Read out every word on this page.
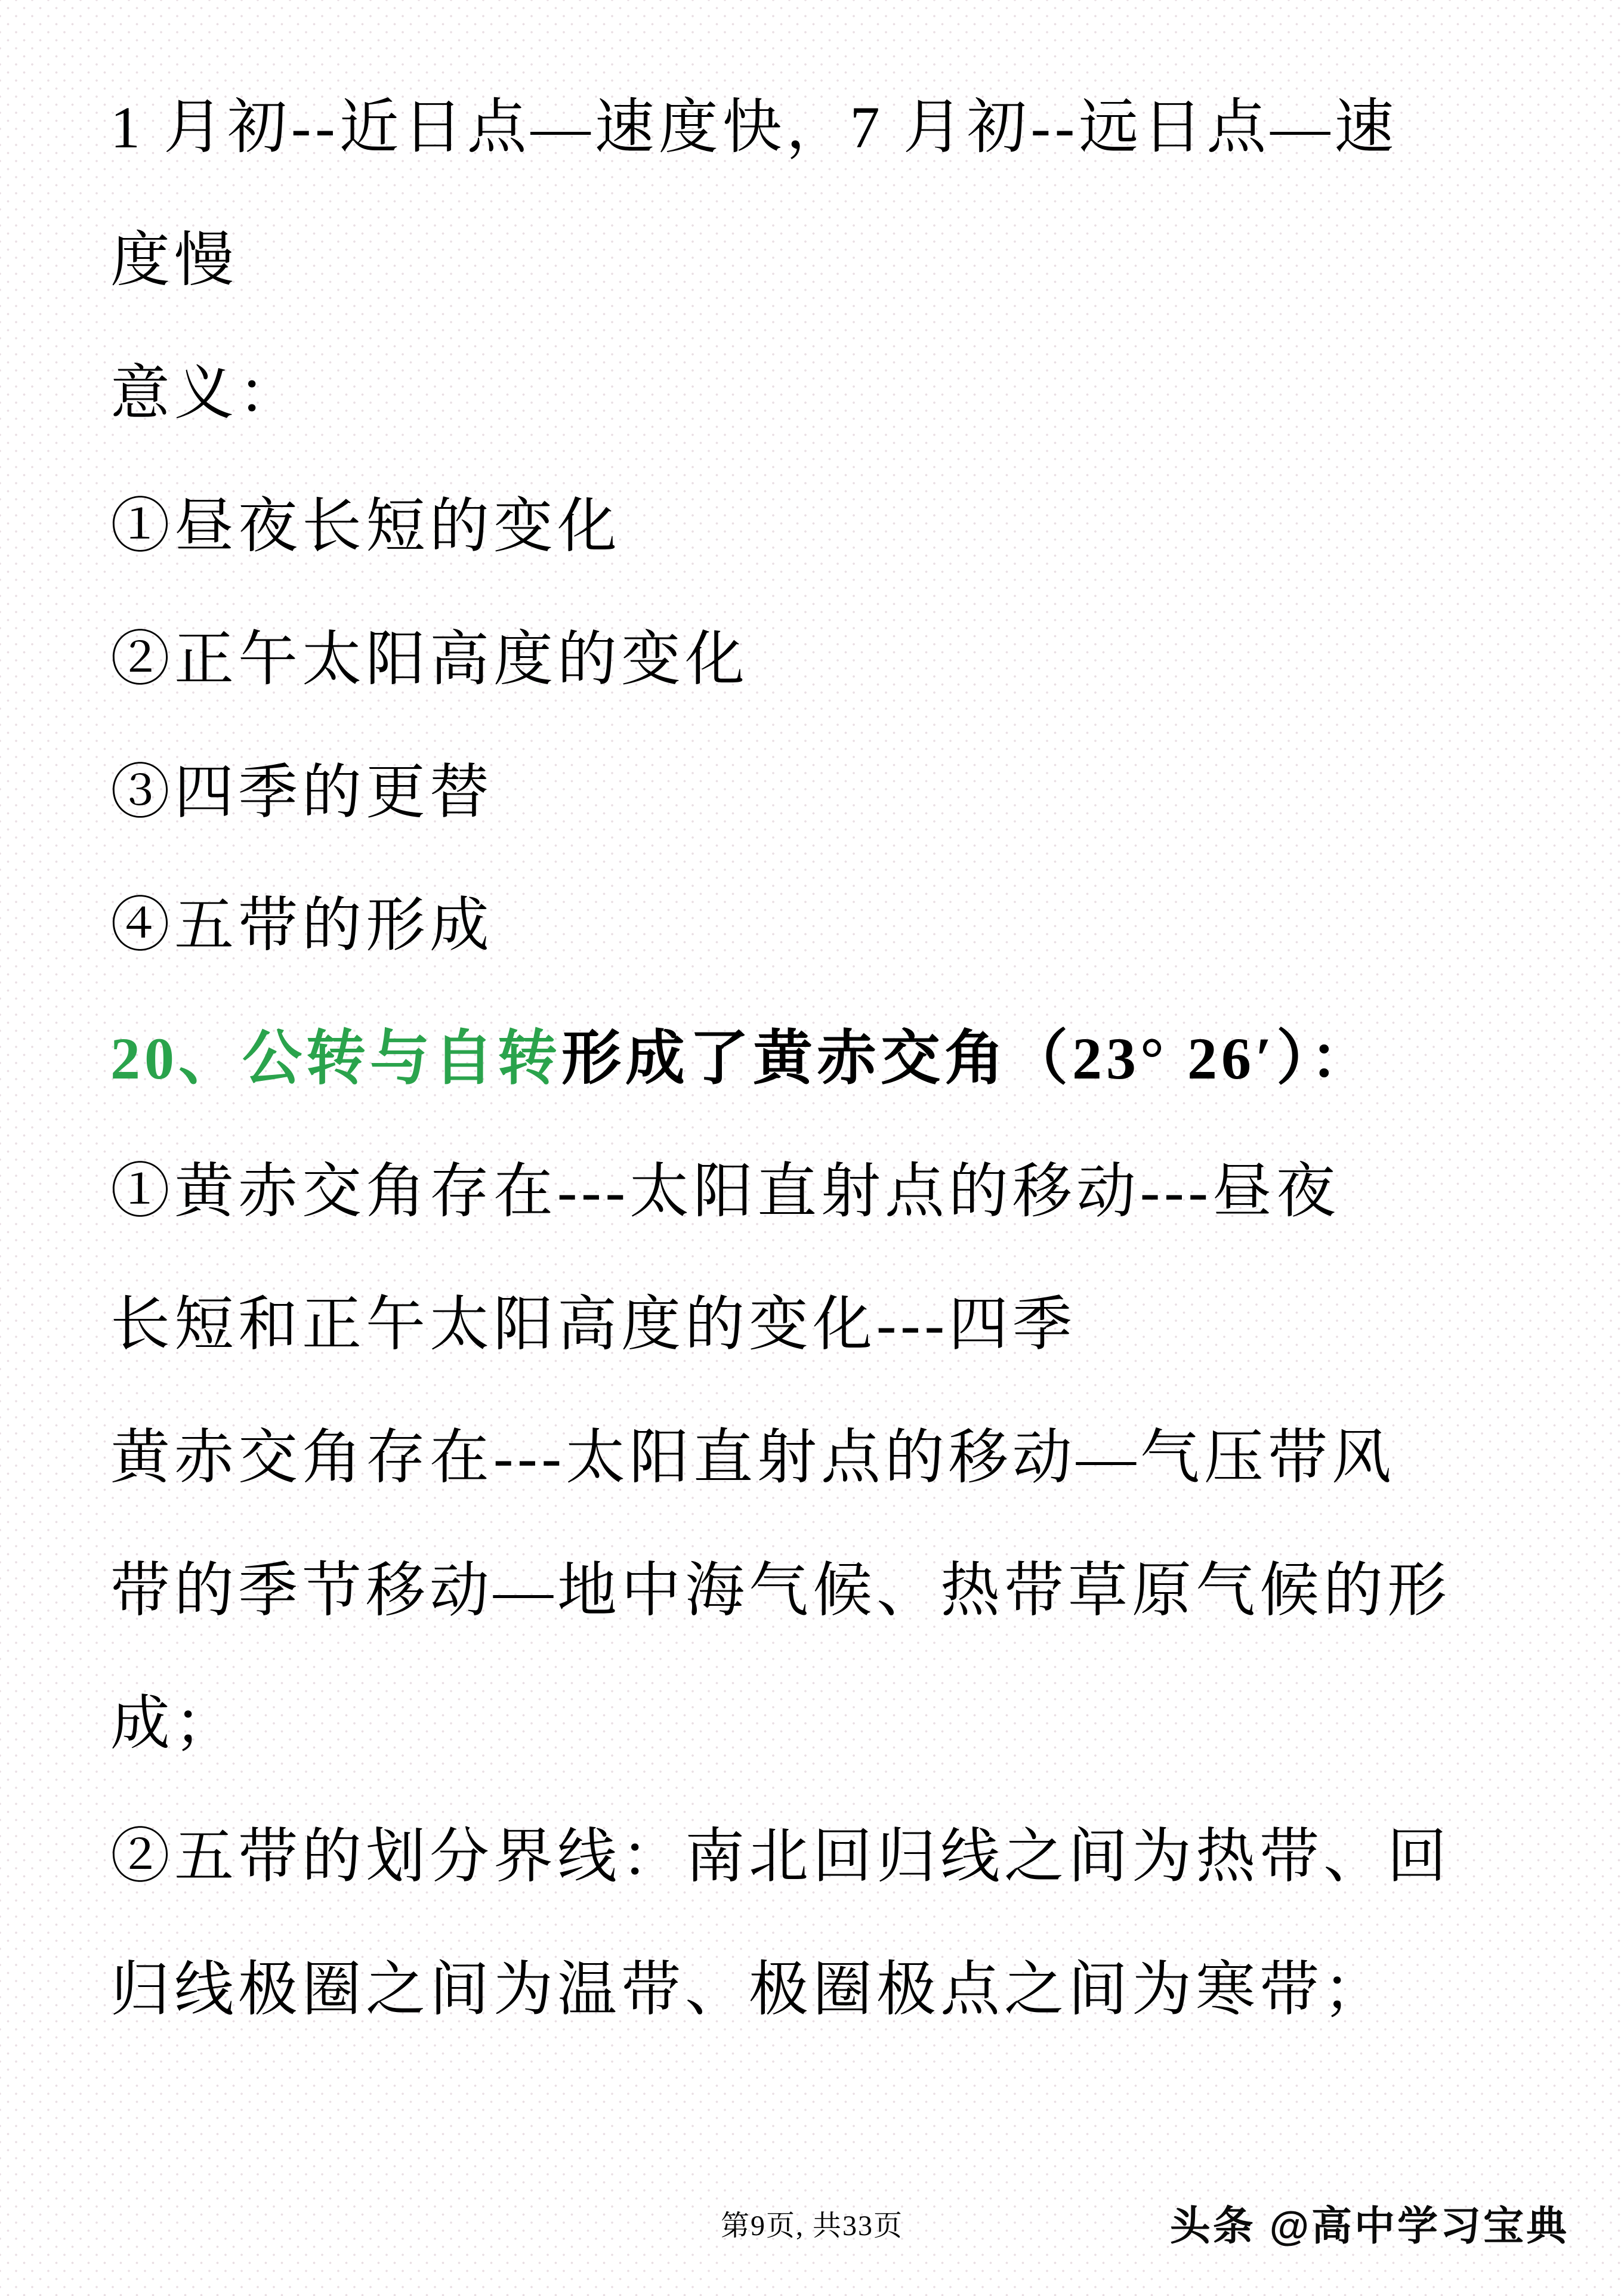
1 月初--近日点—速度快，7 月初--远日点—速

度慢

意义：

①昼夜长短的变化

②正午太阳高度的变化

③四季的更替

④五带的形成

20、公转与自转 形成了黄赤交角（23° 26′）：

①黄赤交角存在---太阳直射点的移动---昼夜

长短和正午太阳高度的变化---四季

黄赤交角存在---太阳直射点的移动—气压带风

带的季节移动—地中海气候、热带草原气候的形

成；

②五带的划分界线：南北回归线之间为热带、回

归线极圈之间为温带、极圈极点之间为寒带；

第9页, 共33页	头条 @高中学习宝典
